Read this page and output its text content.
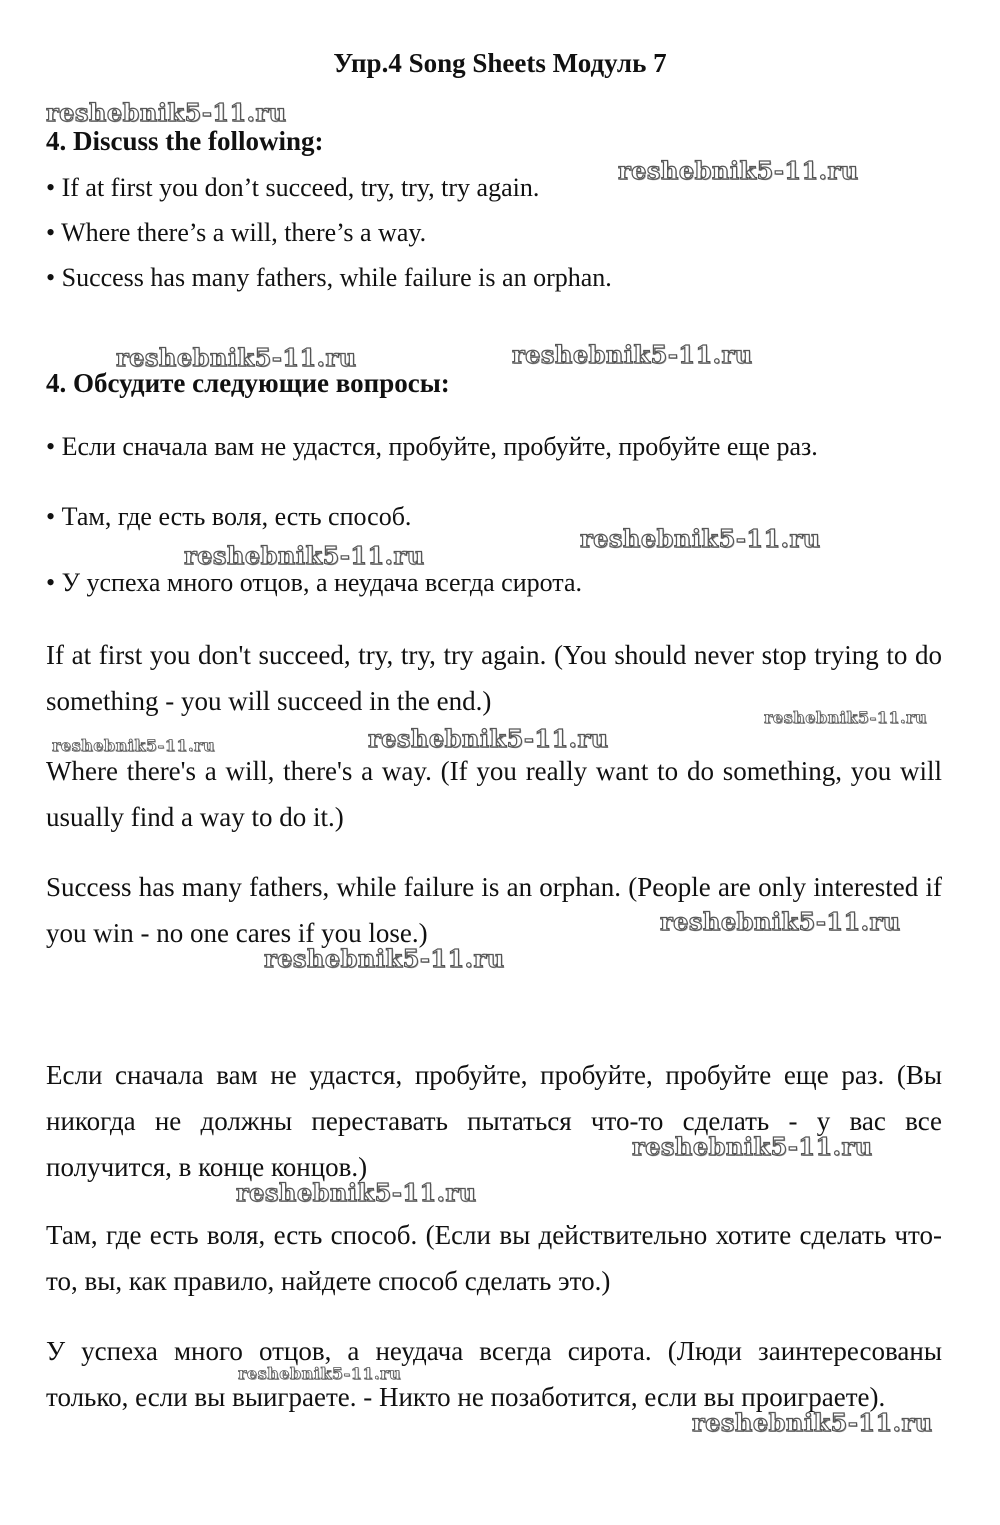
Упр.4 Song Sheets Модуль 7
4. Discuss the following:
• If at first you don’t succeed, try, try, try again.
• Where there’s a will, there’s a way.
• Success has many fathers, while failure is an orphan.
4. Обсудите следующие вопросы:
• Если сначала вам не удастся, пробуйте, пробуйте, пробуйте еще раз.
• Там, где есть воля, есть способ.
• У успеха много отцов, а неудача всегда сирота.
If at first you don't succeed, try, try, try again. (You should never stop trying to do something - you will succeed in the end.)
Where there's a will, there's a way. (If you really want to do something, you will usually find a way to do it.)
Success has many fathers, while failure is an orphan. (People are only interested if you win - no one cares if you lose.)
Если сначала вам не удастся, пробуйте, пробуйте, пробуйте еще раз. (Вы никогда не должны переставать пытаться что-то сделать - у вас все получится, в конце концов.)
Там, где есть воля, есть способ. (Если вы действительно хотите сделать что-то, вы, как правило, найдете способ сделать это.)
У успеха много отцов, а неудача всегда сирота. (Люди заинтересованы только, если вы выиграете. - Никто не позаботится, если вы проиграете).
reshebnik5-11.ru
reshebnik5-11.ru
reshebnik5-11.ru	reshebnik5-11.ru
reshebnik5-11.ru
reshebnik5-11.ru
reshebnik5-11.ru
reshebnik5-11.ru	reshebnik5-11.ru
reshebnik5-11.ru
reshebnik5-11.ru
reshebnik5-11.ru
reshebnik5-11.ru
reshebnik5-11.ru
reshebnik5-11.ru
